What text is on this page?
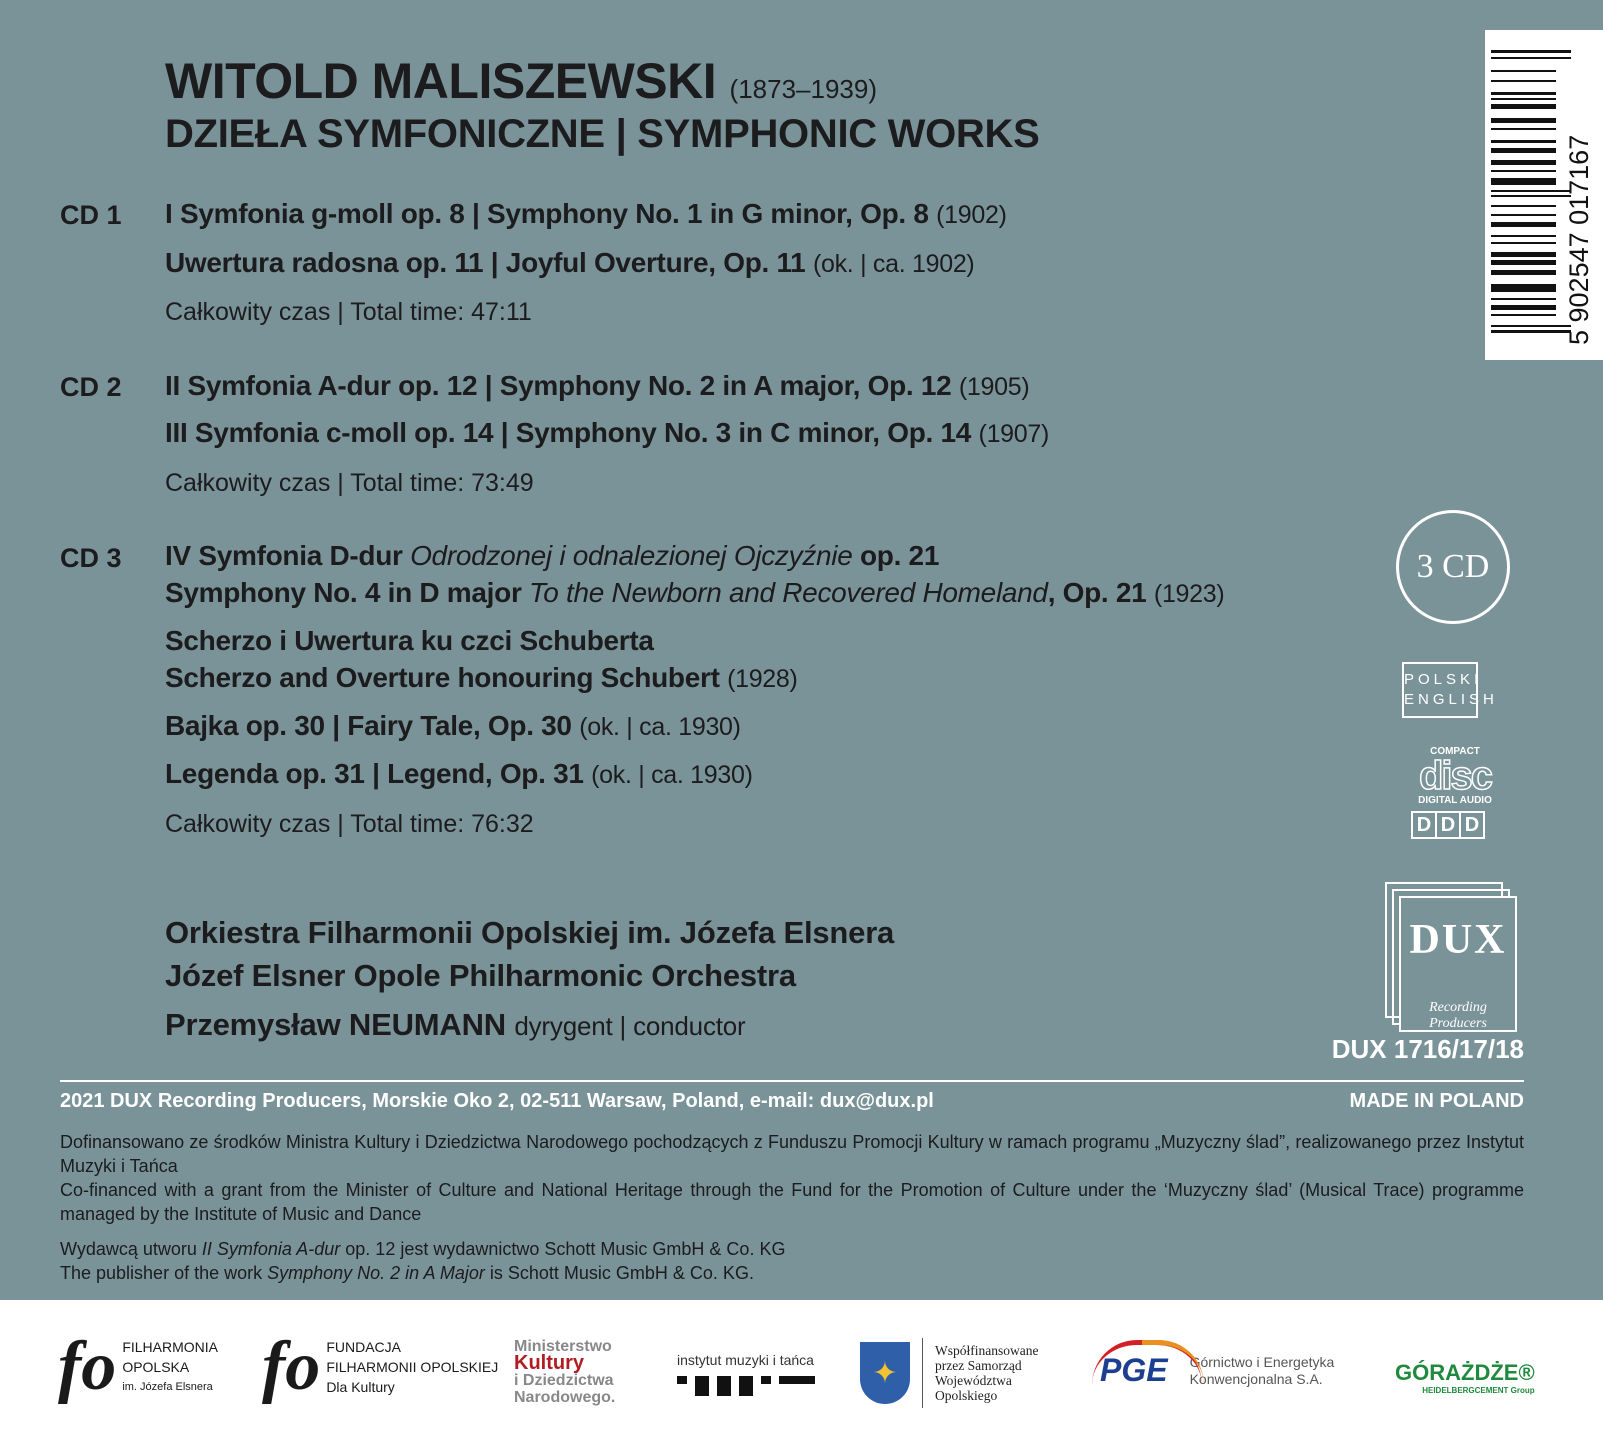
WITOLD MALISZEWSKI (1873–1939)
DZIEŁA SYMFONICZNE | SYMPHONIC WORKS
5 902547 017167
CD 1 I Symfonia g-moll op. 8 | Symphony No. 1 in G minor, Op. 8 (1902)
Uwertura radosna op. 11 | Joyful Overture, Op. 11 (ok. | ca. 1902)
Całkowity czas | Total time: 47:11
CD 2 II Symfonia A-dur op. 12 | Symphony No. 2 in A major, Op. 12 (1905)
III Symfonia c-moll op. 14 | Symphony No. 3 in C minor, Op. 14 (1907)
Całkowity czas | Total time: 73:49
CD 3 IV Symfonia D-dur Odrodzonej i odnalezionej Ojczyźnie op. 21
Symphony No. 4 in D major To the Newborn and Recovered Homeland, Op. 21 (1923)
Scherzo i Uwertura ku czci Schuberta
Scherzo and Overture honouring Schubert (1928)
Bajka op. 30 | Fairy Tale, Op. 30 (ok. | ca. 1930)
Legenda op. 31 | Legend, Op. 31 (ok. | ca. 1930)
Całkowity czas | Total time: 76:32
Orkiestra Filharmonii Opolskiej im. Józefa Elsnera
Józef Elsner Opole Philharmonic Orchestra
Przemysław NEUMANN dyrygent | conductor
3 CD
POLSKI
ENGLISH
COMPACT
disc
DIGITAL AUDIO
D D D
DUX
Recording Producers
DUX 1716/17/18
2021 DUX Recording Producers, Morskie Oko 2, 02-511 Warsaw, Poland, e-mail: dux@dux.pl	MADE IN POLAND
Dofinansowano ze środków Ministra Kultury i Dziedzictwa Narodowego pochodzących z Funduszu Promocji Kultury w ramach programu „Muzyczny ślad”, realizowanego przez Instytut Muzyki i Tańca
Co-financed with a grant from the Minister of Culture and National Heritage through the Fund for the Promotion of Culture under the ‘Muzyczny ślad’ (Musical Trace) programme managed by the Institute of Music and Dance
Wydawcą utworu II Symfonia A-dur op. 12 jest wydawnictwo Schott Music GmbH & Co. KG
The publisher of the work Symphony No. 2 in A Major is Schott Music GmbH & Co. KG.
fo FILHARMONIA
OPOLSKA
im. Józefa Elsnera fo FUNDACJA
FILHARMONII OPOLSKIEJ
Dla Kultury
Ministerstwo
Kultury
i Dziedzictwa
Narodowego.
instytut muzyki i tańca	✦
Współfinansowane
przez Samorząd
Województwa
Opolskiego
PGE Górnictwo i Energetyka
Konwencjonalna S.A.	GÓRAŻDŻE®
HEIDELBERGCEMENT Group
